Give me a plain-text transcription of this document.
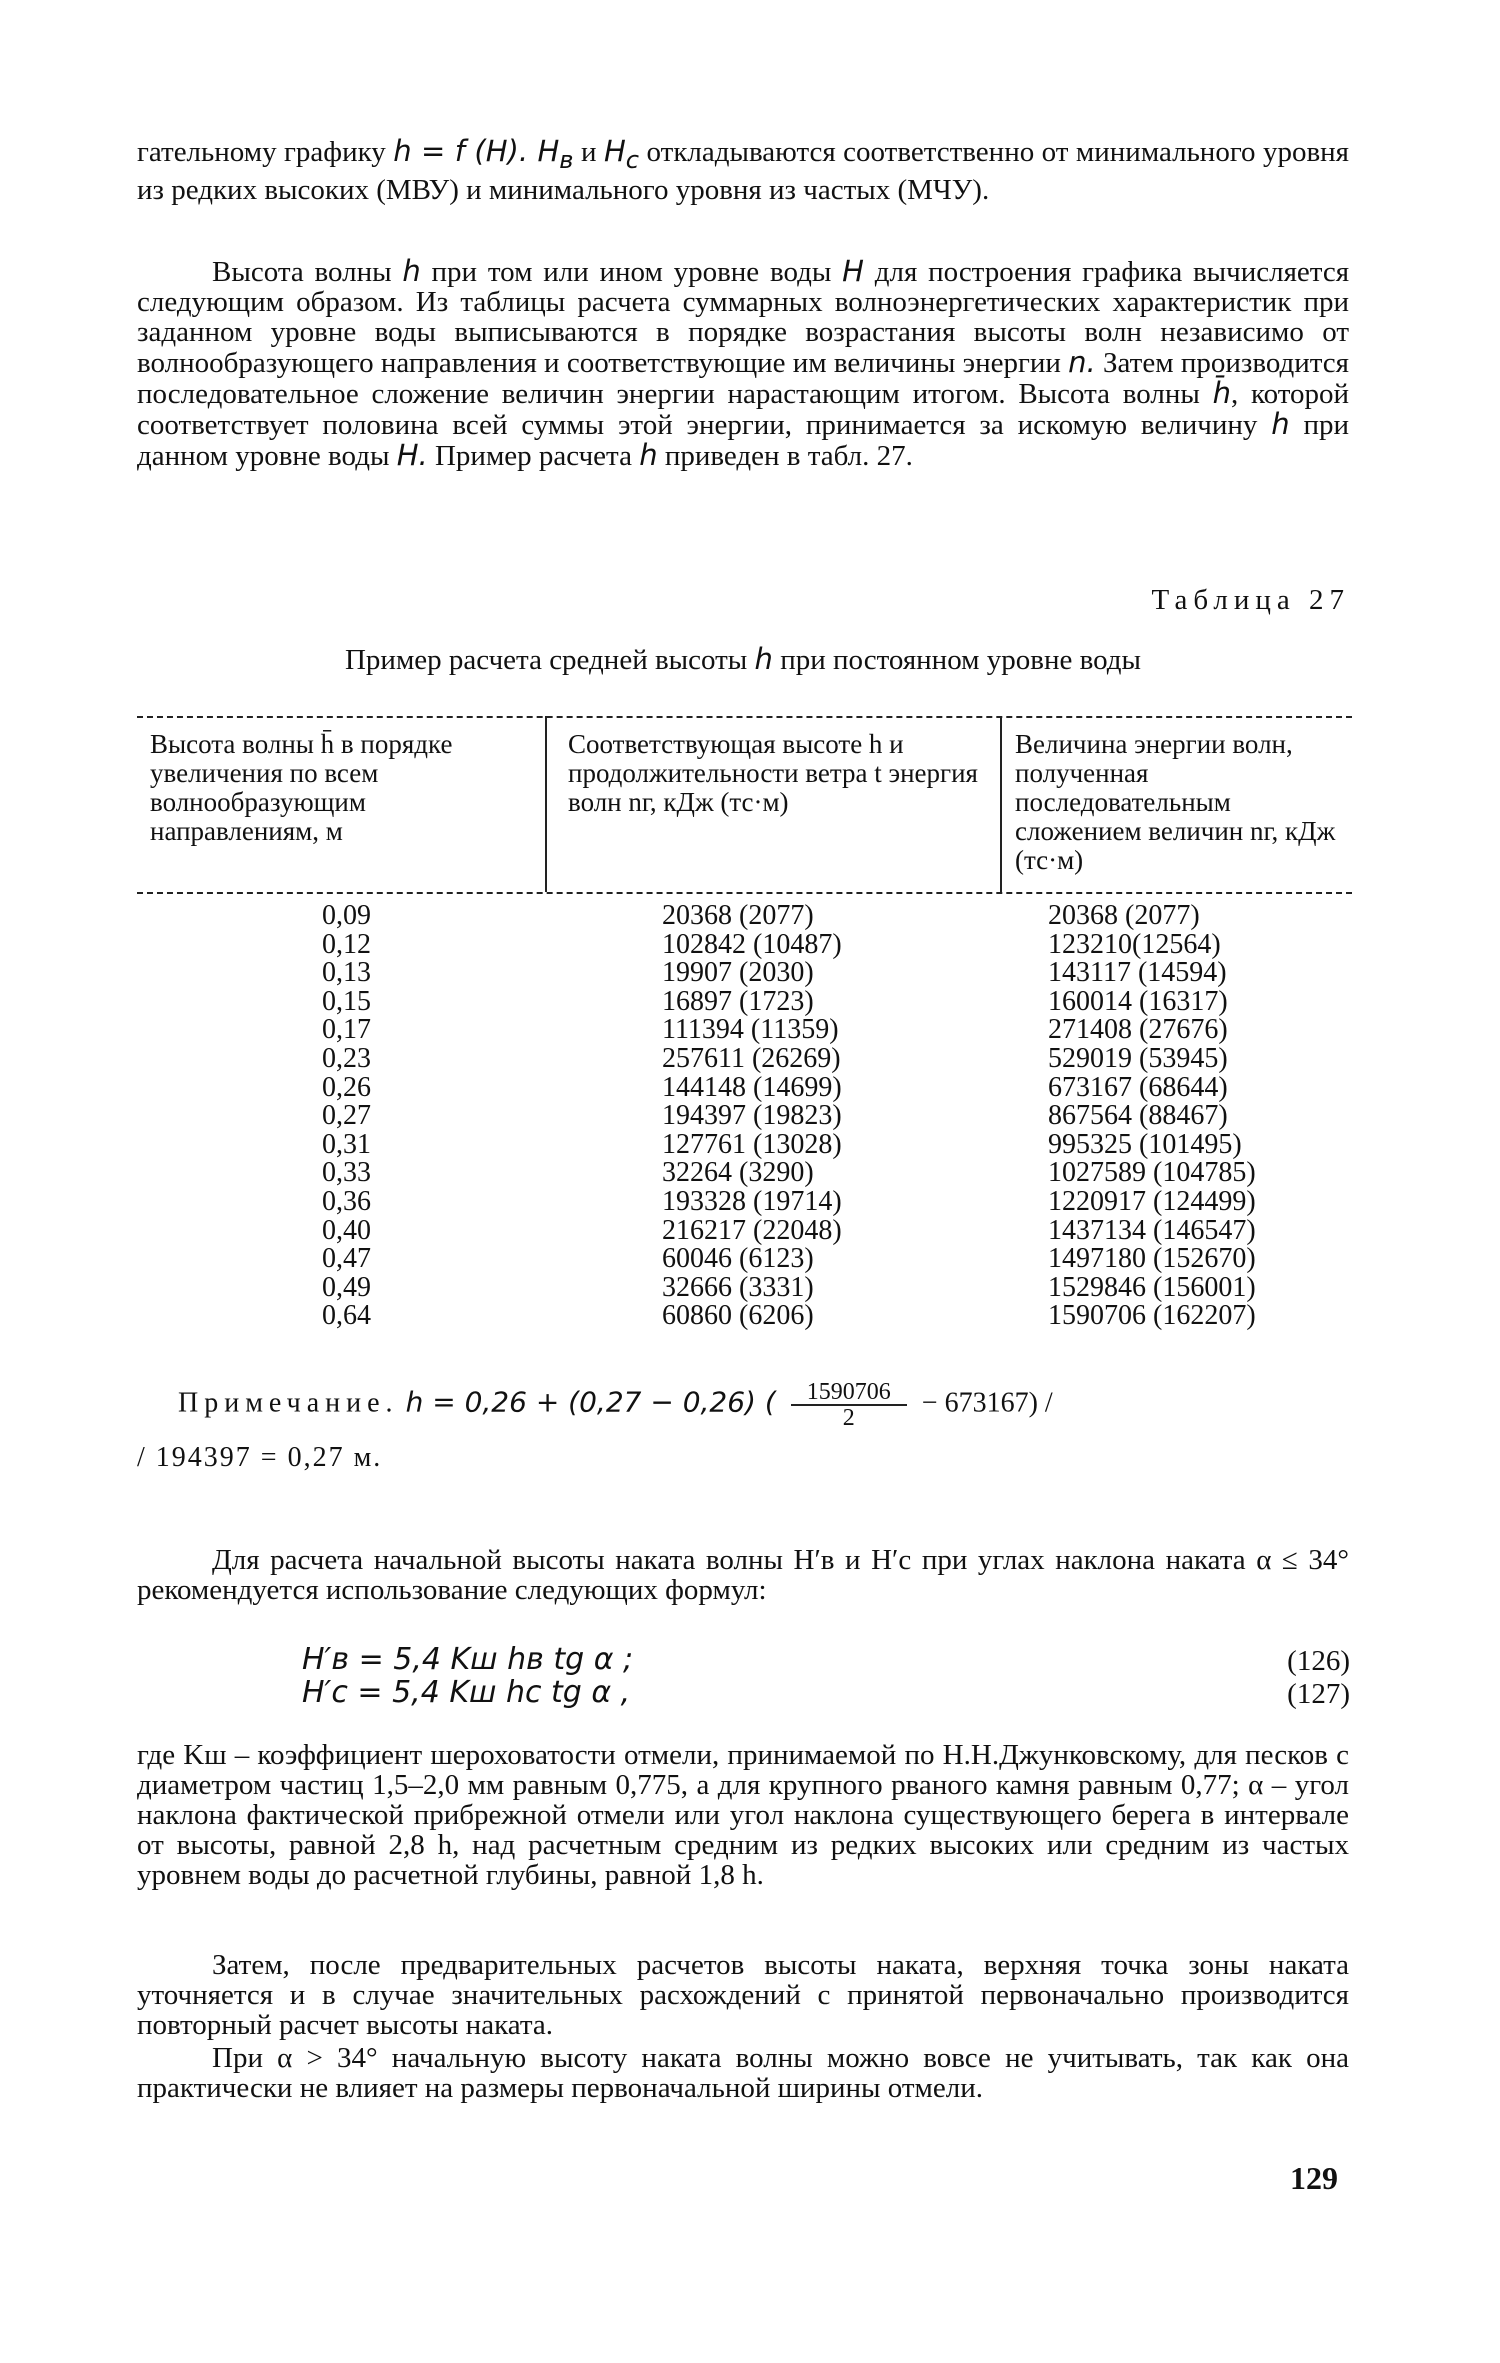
гательному графику h = f (H). $H_в$ и $H_c$ откладываются соответственно от минимального уровня из редких высоких (МВУ) и минимального уровня из частых (МЧУ).
Высота волны h при том или ином уровне воды H для построения графика вычисляется следующим образом. Из таблицы расчета суммарных волноэнергетических характеристик при заданном уровне воды выписываются в порядке возрастания высоты волн независимо от волнообразующего направления и соответствующие им величины энергии n. Затем производится последовательное сложение величин энергии нарастающим итогом. Высота волны h̄, которой соответствует половина всей суммы этой энергии, принимается за искомую величину h при данном уровне воды H. Пример расчета h приведен в табл. 27.
Таблица 27
Пример расчета средней высоты h при постоянном уровне воды
Высота волны h̄ в порядке увеличения по всем волнообразующим направлениям, м
Соответствующая высоте h и продолжительности ветра t энергия волн nг, кДж (тс·м)
Величина энергии волн, полученная последовательным сложением величин nг, кДж (тс·м)
0,09
0,12
0,13
0,15
0,17
0,23
0,26
0,27
0,31
0,33
0,36
0,40
0,47
0,49
0,64
20368 (2077)
102842 (10487)
19907 (2030)
16897 (1723)
111394 (11359)
257611 (26269)
144148 (14699)
194397 (19823)
127761 (13028)
32264 (3290)
193328 (19714)
216217 (22048)
60046 (6123)
32666 (3331)
60860 (6206)
20368 (2077)
123210(12564)
143117 (14594)
160014 (16317)
271408 (27676)
529019 (53945)
673167 (68644)
867564 (88467)
995325 (101495)
1027589 (104785)
1220917 (124499)
1437134 (146547)
1497180 (152670)
1529846 (156001)
1590706 (162207)
Примечание. h = 0,26 + (0,27 − 0,26) ( $\frac{1590706}{2} - 673167$) /
/ 194397 = 0,27 м.
Для расчета начальной высоты наката волны H′в и H′c при углах наклона наката α ≤ 34° рекомендуется использование следующих формул:
H′в = 5,4 Kш hв tg α ;	(126)
H′c = 5,4 Kш hc tg α ,	(127)
где Kш – коэффициент шероховатости отмели, принимаемой по Н.Н.Джунковскому, для песков с диаметром частиц 1,5–2,0 мм равным 0,775, а для крупного рваного камня равным 0,77; α – угол наклона фактической прибрежной отмели или угол наклона существующего берега в интервале от высоты, равной 2,8 h, над расчетным средним из редких высоких или средним из частых уровнем воды до расчетной глубины, равной 1,8 h.
Затем, после предварительных расчетов высоты наката, верхняя точка зоны наката уточняется и в случае значительных расхождений с принятой первоначально производится повторный расчет высоты наката.
При α > 34° начальную высоту наката волны можно вовсе не учитывать, так как она практически не влияет на размеры первоначальной ширины отмели.
129
